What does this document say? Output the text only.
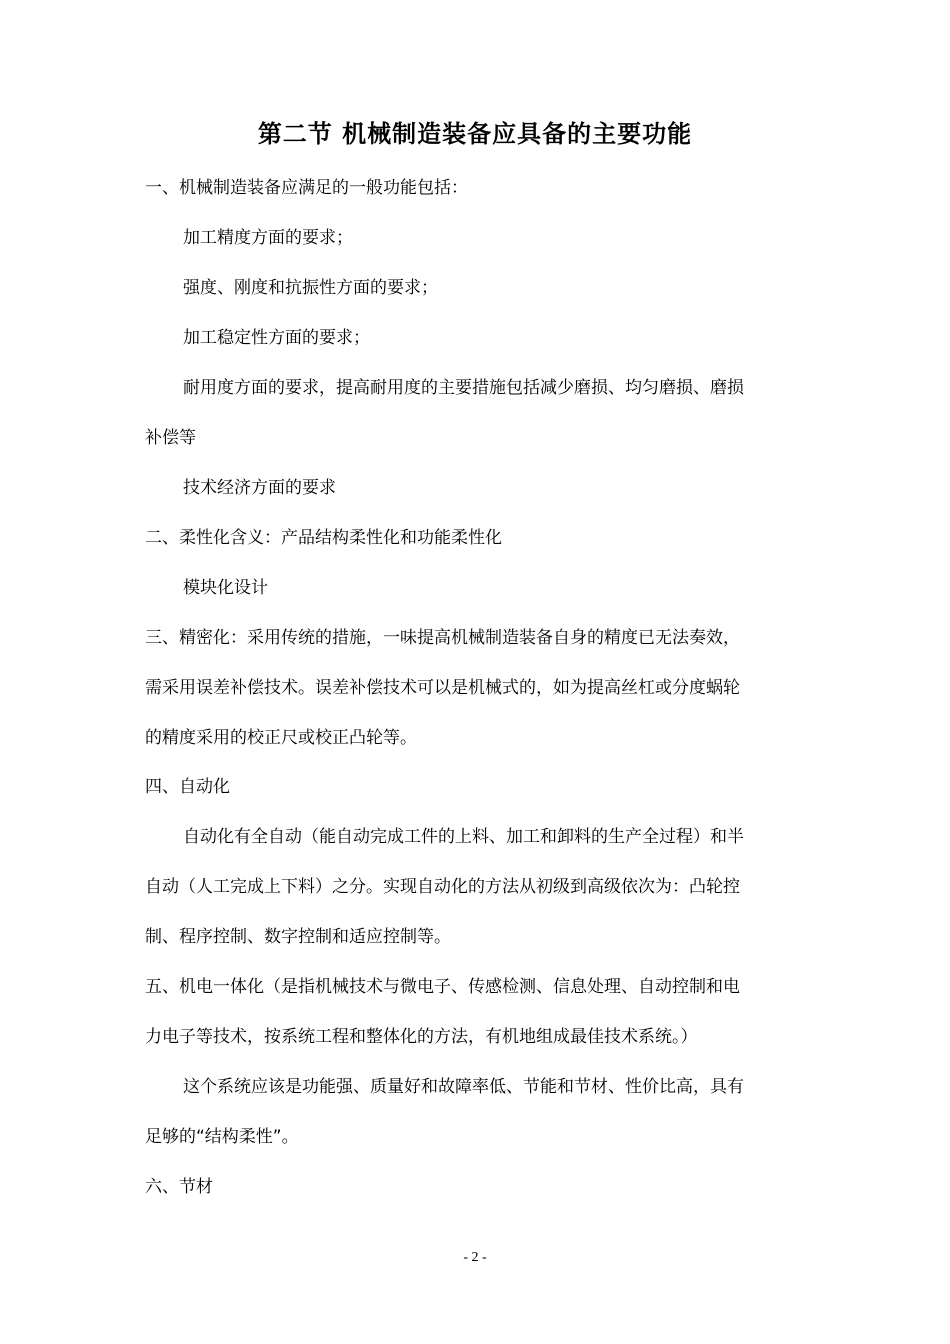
第二节 机械制造装备应具备的主要功能
一、机械制造装备应满足的一般功能包括：
加工精度方面的要求；
强度、刚度和抗振性方面的要求；
加工稳定性方面的要求；
耐用度方面的要求，提高耐用度的主要措施包括减少磨损、均匀磨损、磨损
补偿等
技术经济方面的要求
二、柔性化含义：产品结构柔性化和功能柔性化
模块化设计
三、精密化：采用传统的措施，一味提高机械制造装备自身的精度已无法奏效，
需采用误差补偿技术。误差补偿技术可以是机械式的，如为提高丝杠或分度蜗轮
的精度采用的校正尺或校正凸轮等。
四、自动化
自动化有全自动（能自动完成工件的上料、加工和卸料的生产全过程）和半
自动（人工完成上下料）之分。实现自动化的方法从初级到高级依次为：凸轮控
制、程序控制、数字控制和适应控制等。
五、机电一体化（是指机械技术与微电子、传感检测、信息处理、自动控制和电
力电子等技术，按系统工程和整体化的方法，有机地组成最佳技术系统。）
这个系统应该是功能强、质量好和故障率低、节能和节材、性价比高，具有
足够的“结构柔性”。
六、节材
- 2 -
